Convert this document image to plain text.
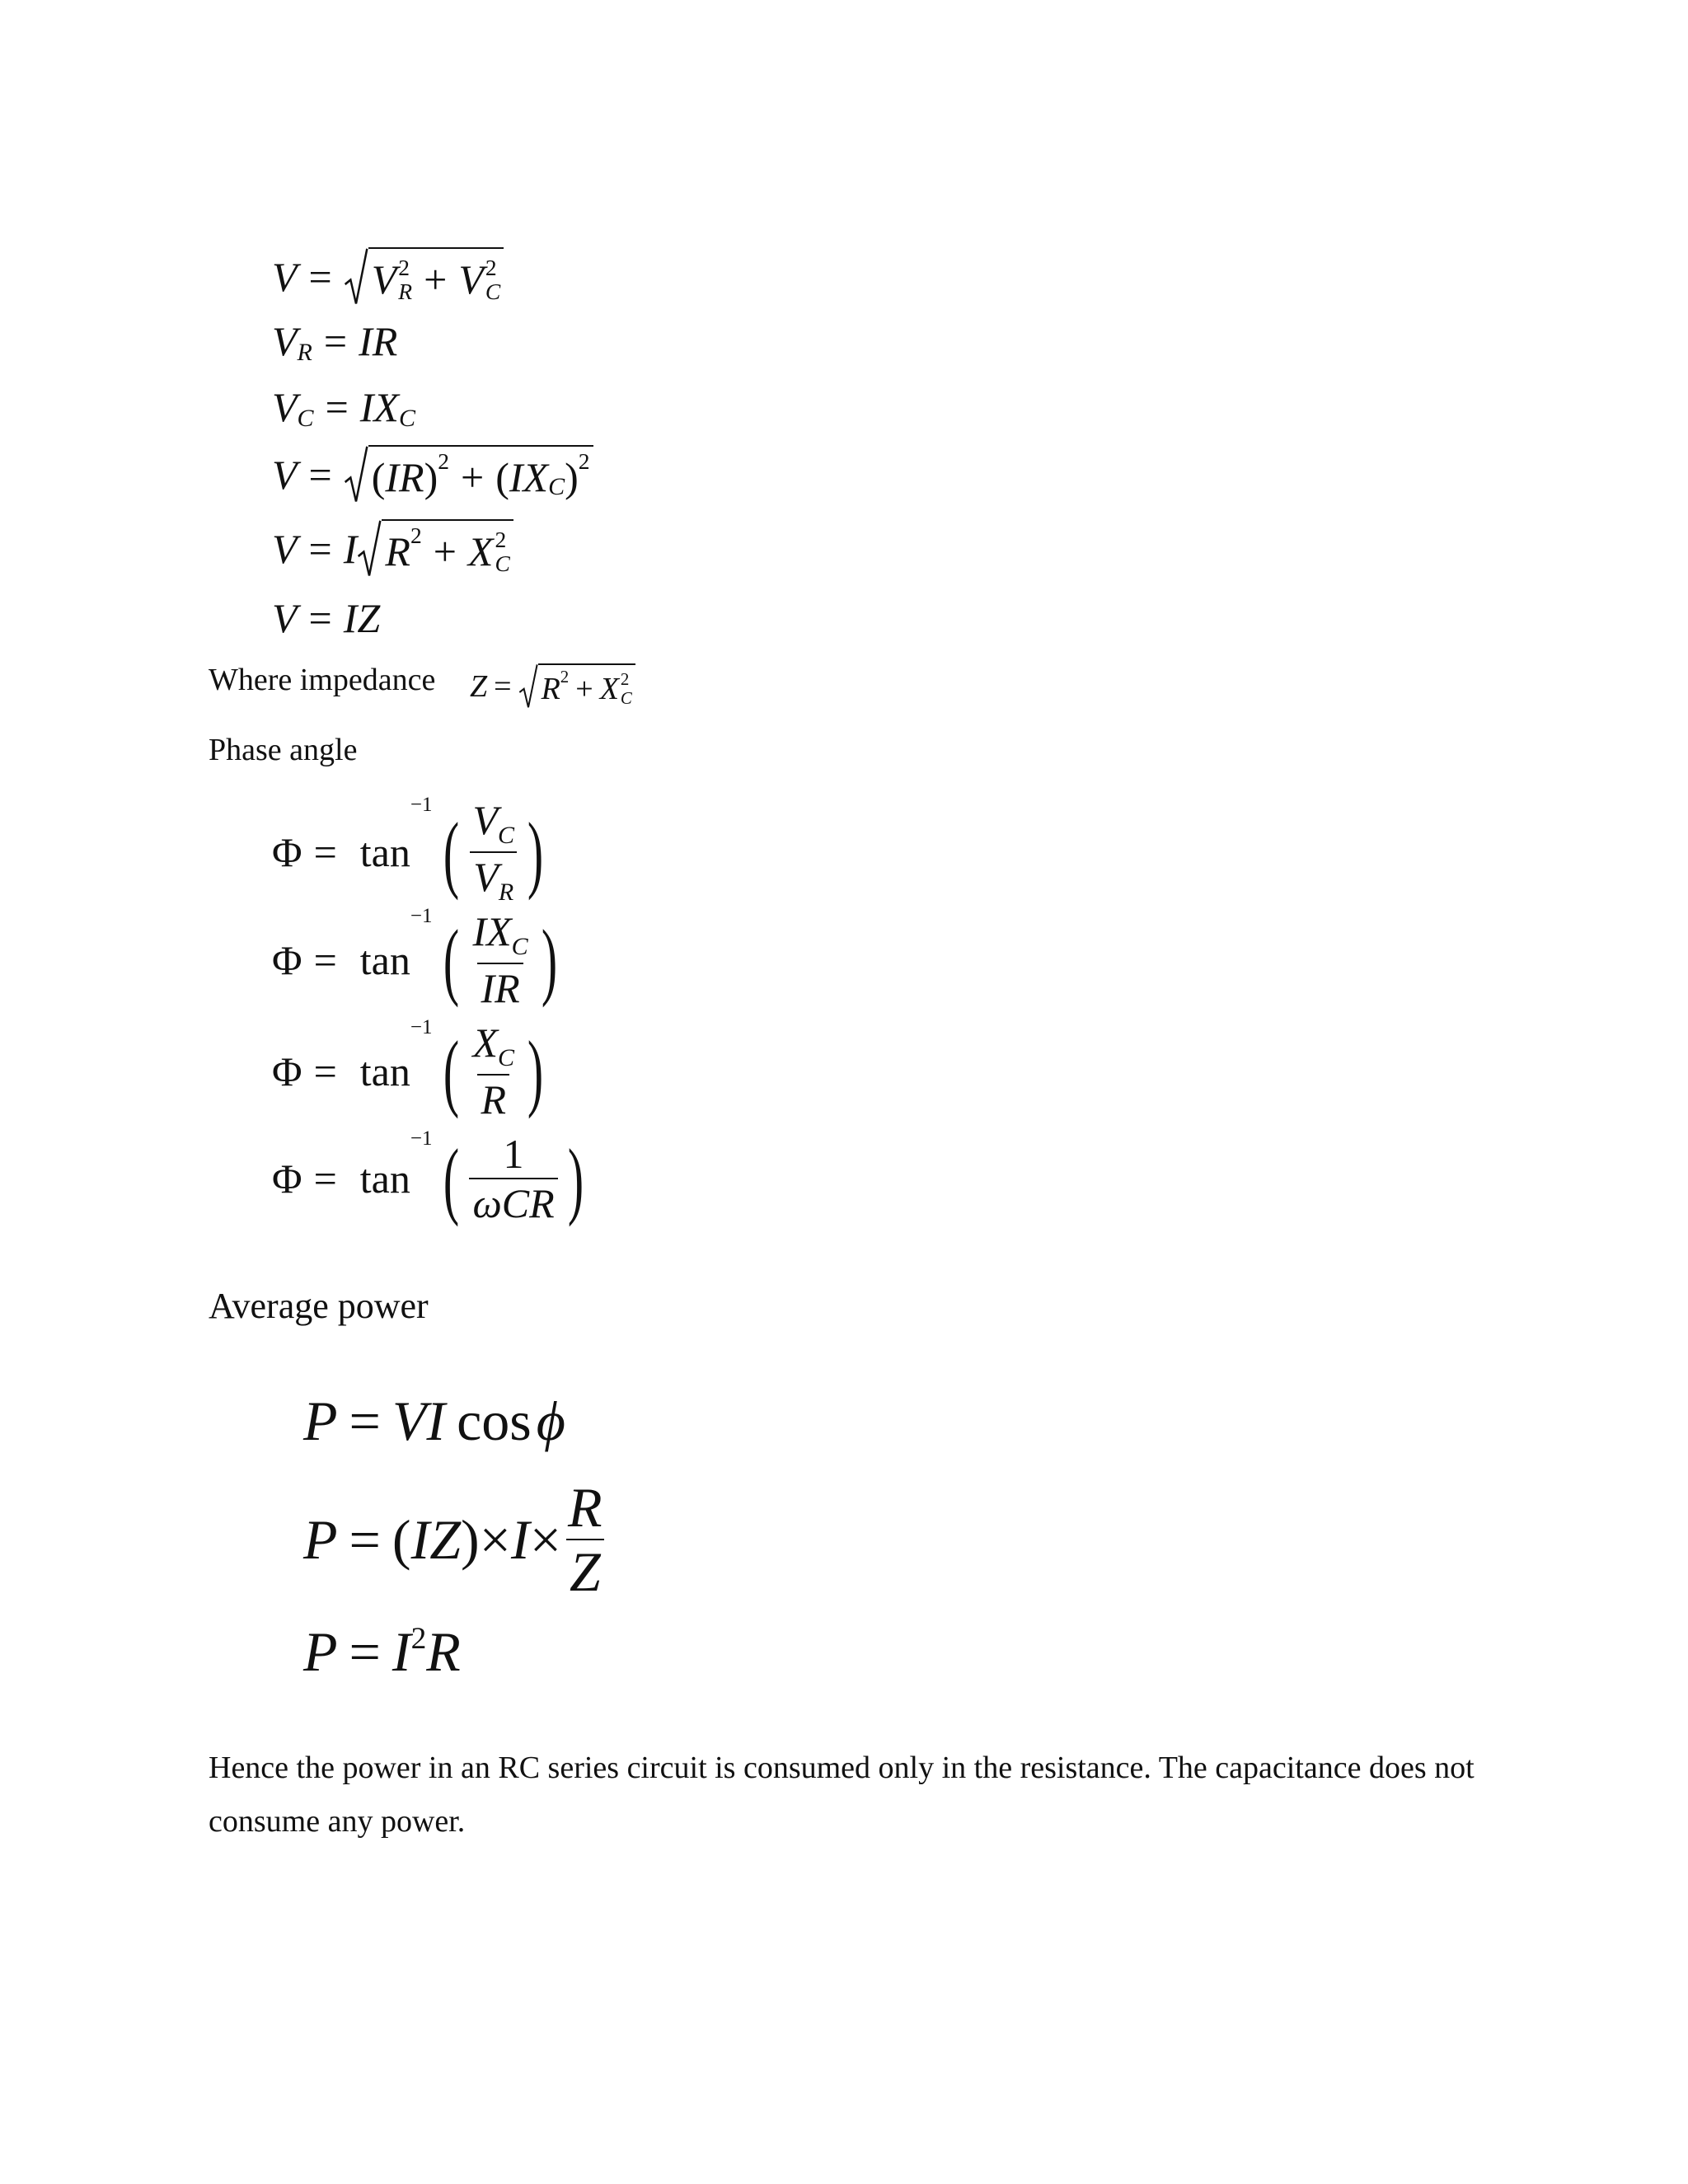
V = V 2
R + V 2
C
$V_R$ = IR
$V_C = IX_C$
V = ( IR )$^2$ + ( $IX_C$ ) 2
V = I $R^2 + X$ 2
C
V = IZ
Where impedance $Z = R^2 + X$ 2
C
Phase angle
Φ = tan
−1 ( $\frac{V_C}{V_R}$ )
Φ = tan
−1 ( $\frac{IX_C}{IR}$ )
Φ = tan
−1 ( $\frac{X_C}{R}$ )
Φ = tan
−1 ( $\frac{1}{\text{ωCR}}$ )
Average power
P = VI cos ϕ
P = ( IZ )× $I \times \frac{R}{Z}$
$P = I^2$ R
Hence the power in an RC series circuit is consumed only in the resistance. The capacitance does not
consume any power.
